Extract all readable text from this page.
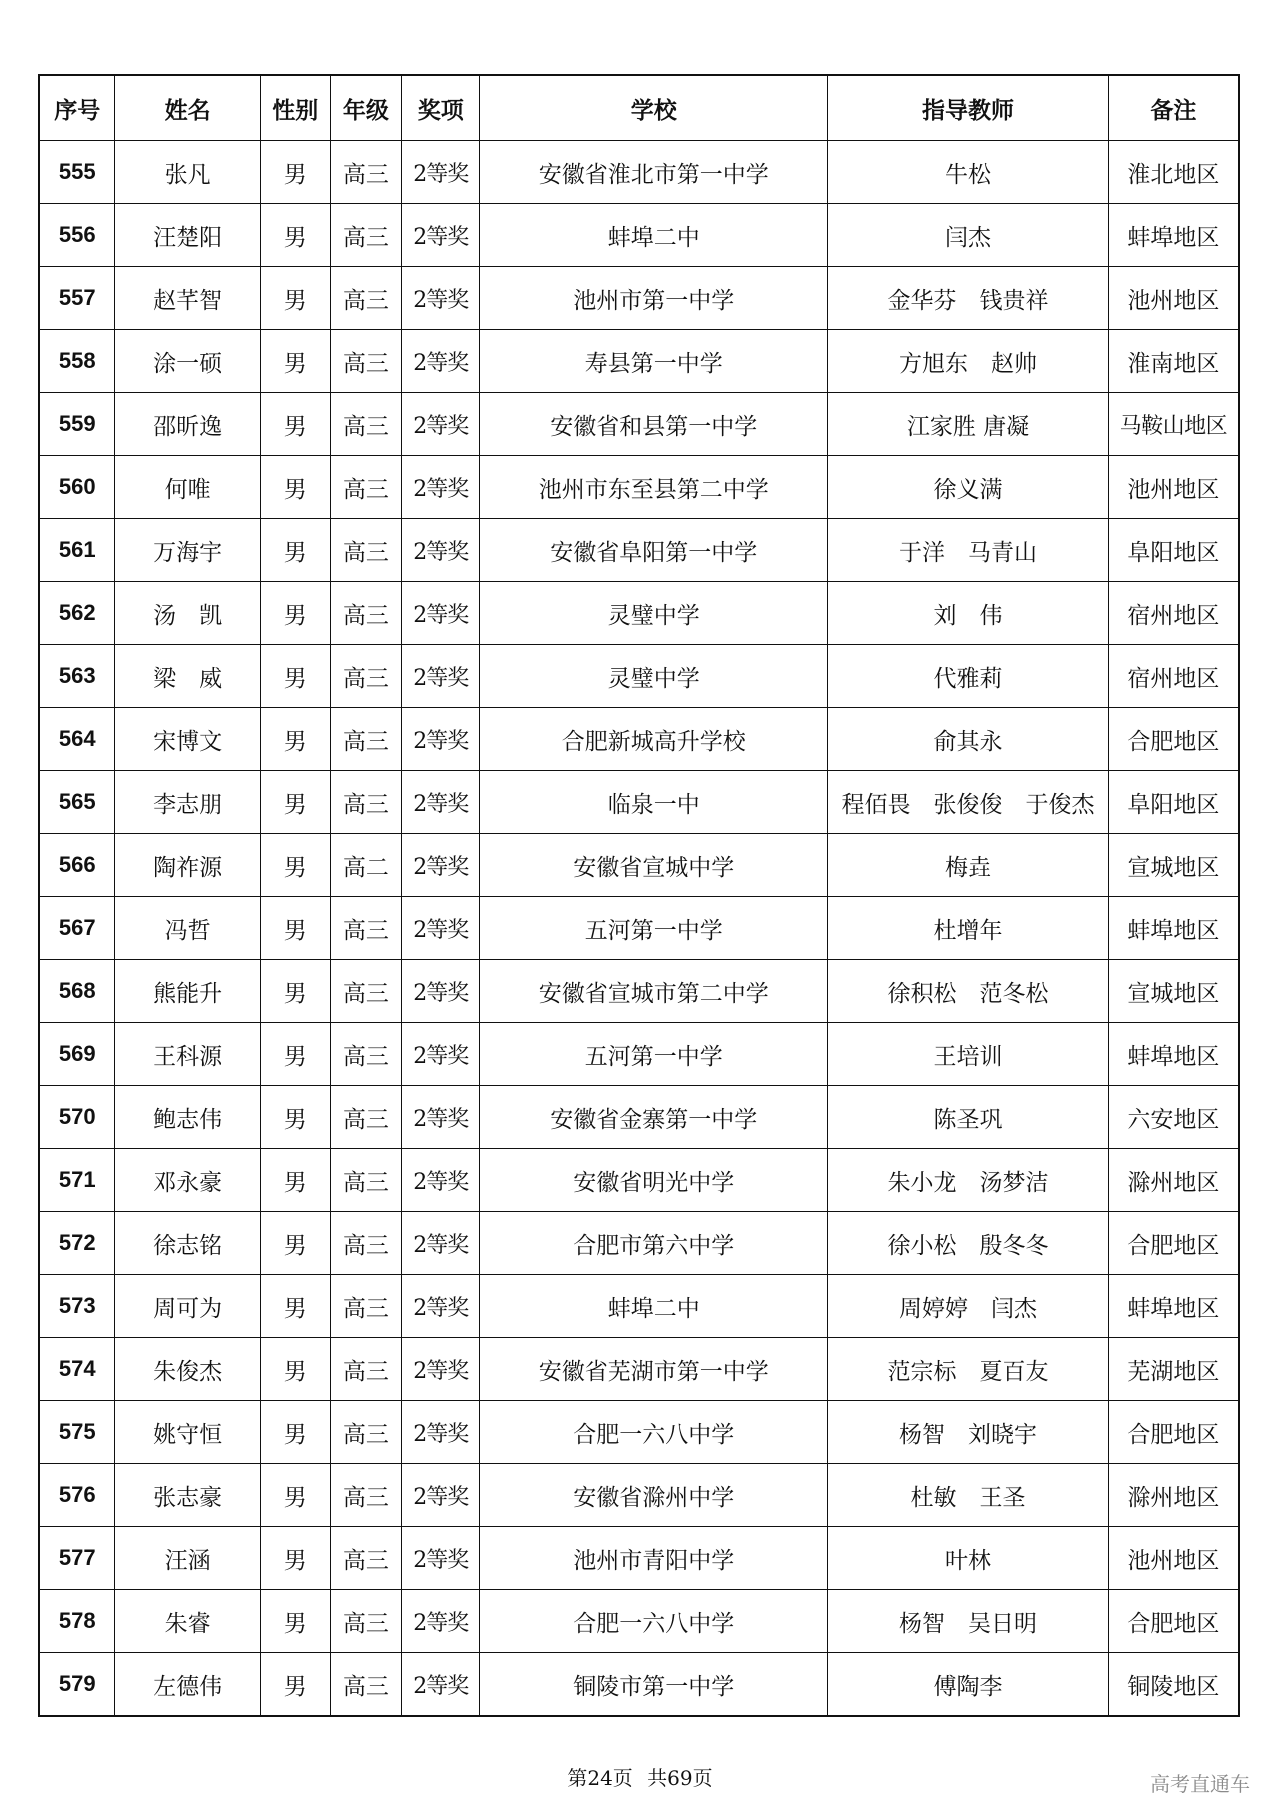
序号	姓名	性别	年级	奖项	学校	指导教师	备注
555	张凡	男	高三	2等奖	安徽省淮北市第一中学	牛松	淮北地区
556	汪楚阳	男	高三	2等奖	蚌埠二中	闫杰	蚌埠地区
557	赵芊智	男	高三	2等奖	池州市第一中学	金华芬　钱贵祥	池州地区
558	涂一硕	男	高三	2等奖	寿县第一中学	方旭东　赵帅	淮南地区
559	邵昕逸	男	高三	2等奖	安徽省和县第一中学	江家胜 唐凝	马鞍山地区
560	何唯	男	高三	2等奖	池州市东至县第二中学	徐义满	池州地区
561	万海宇	男	高三	2等奖	安徽省阜阳第一中学	于洋　马青山	阜阳地区
562	汤　凯	男	高三	2等奖	灵璧中学	刘　伟	宿州地区
563	梁　威	男	高三	2等奖	灵璧中学	代雅莉	宿州地区
564	宋博文	男	高三	2等奖	合肥新城高升学校	俞其永	合肥地区
565	李志朋	男	高三	2等奖	临泉一中	程佰畏　张俊俊　于俊杰	阜阳地区
566	陶祚源	男	高二	2等奖	安徽省宣城中学	梅垚	宣城地区
567	冯哲	男	高三	2等奖	五河第一中学	杜增年	蚌埠地区
568	熊能升	男	高三	2等奖	安徽省宣城市第二中学	徐积松　范冬松	宣城地区
569	王科源	男	高三	2等奖	五河第一中学	王培训	蚌埠地区
570	鲍志伟	男	高三	2等奖	安徽省金寨第一中学	陈圣巩	六安地区
571	邓永豪	男	高三	2等奖	安徽省明光中学	朱小龙　汤梦洁	滁州地区
572	徐志铭	男	高三	2等奖	合肥市第六中学	徐小松　殷冬冬	合肥地区
573	周可为	男	高三	2等奖	蚌埠二中	周婷婷　闫杰	蚌埠地区
574	朱俊杰	男	高三	2等奖	安徽省芜湖市第一中学	范宗标　夏百友	芜湖地区
575	姚守恒	男	高三	2等奖	合肥一六八中学	杨智　刘晓宇	合肥地区
576	张志豪	男	高三	2等奖	安徽省滁州中学	杜敏　王圣	滁州地区
577	汪涵	男	高三	2等奖	池州市青阳中学	叶林	池州地区
578	朱睿	男	高三	2等奖	合肥一六八中学	杨智　吴日明	合肥地区
579	左德伟	男	高三	2等奖	铜陵市第一中学	傅陶李	铜陵地区
第24页 共69页	高考直通车
